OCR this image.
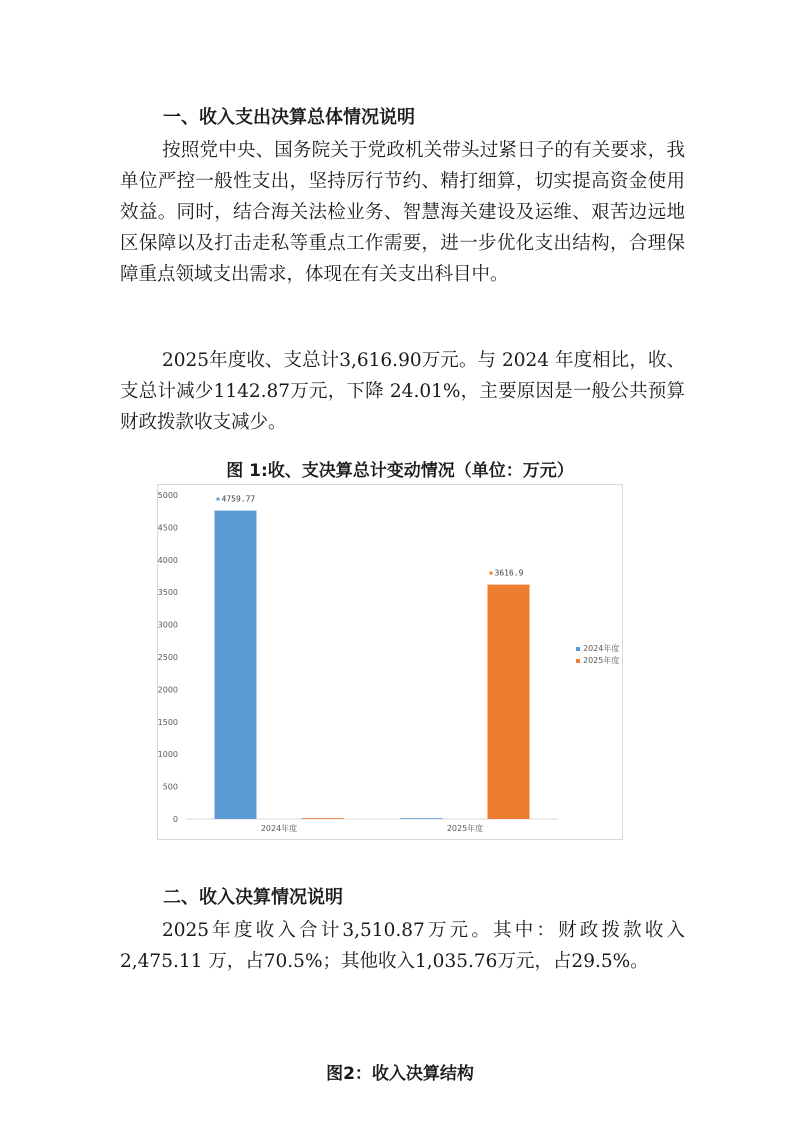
一、收入支出决算总体情况说明

按照党中央、国务院关于党政机关带头过紧日子的有关要求，我单位严控一般性支出，坚持厉行节约、精打细算，切实提高资金使用效益。同时，结合海关法检业务、智慧海关建设及运维、艰苦边远地区保障以及打击走私等重点工作需要，进一步优化支出结构，合理保障重点领域支出需求，体现在有关支出科目中。

2025年度收、支总计3,616.90万元。与 2024 年度相比，收、支总计减少1142.87万元，下降 24.01%，主要原因是一般公共预算财政拨款收支减少。

图 1:收、支决算总计变动情况（单位：万元）
5000
4500
4000
3500
3000
2500
2000
1500
1000
500
0
4759.77
2024年度
3616.9
2025年度
2024年度
2025年度
二、收入决算情况说明

2025年度收入合计3,510.87万元。其中：财政拨款收入2,475.11 万，占70.5%；其他收入1,035.76万元，占29.5%。

图2：收入决算结构
